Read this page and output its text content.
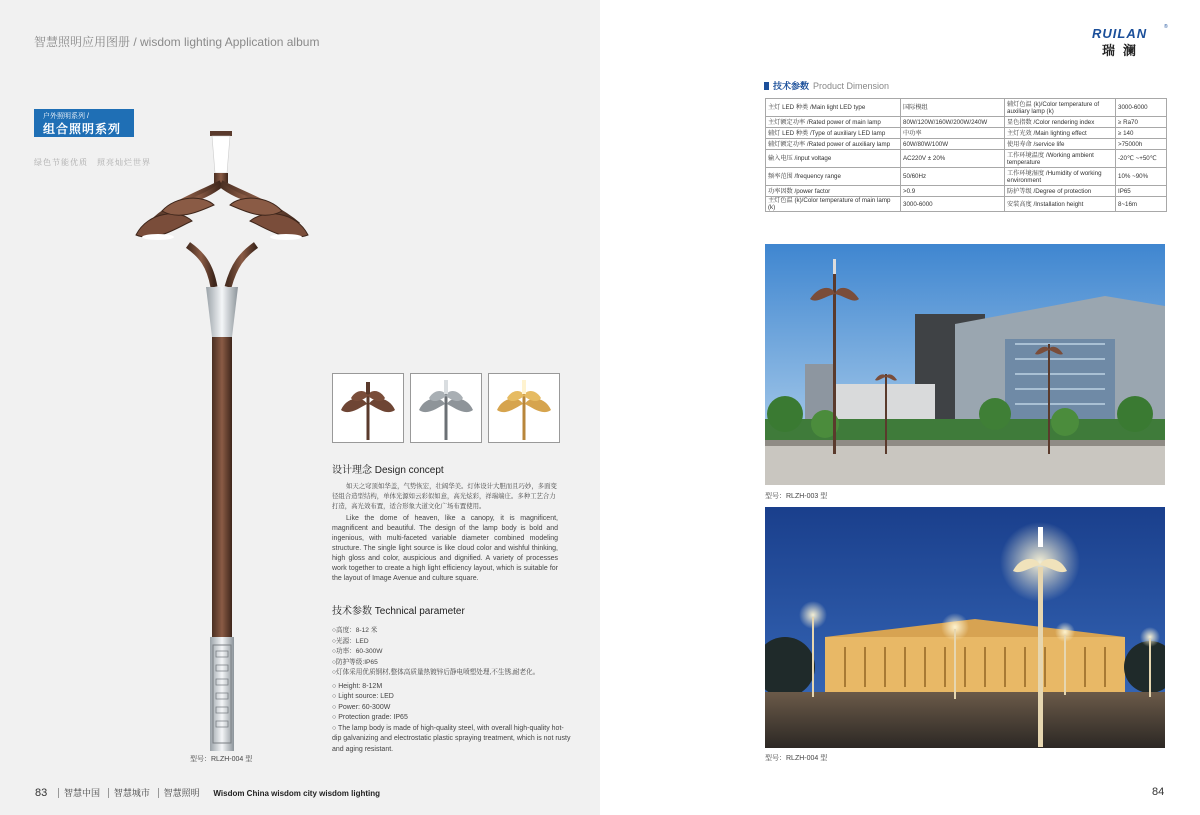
智慧照明应用图册 / wisdom lighting Application album
户外照明系列 /
组合照明系列
绿色节能优质　照亮灿烂世界
型号：RLZH-004 型
设计理念 Design concept

如天之穹顶如华盖，气势恢宏，壮阔华美。灯体设计大胆而且巧妙，多面变径组合造型结构，单体光源如云彩似如意，高光炫彩，祥瑞端庄。多种工艺合力打造，高光效布置，适合形象大道文化广场布置使用。

Like the dome of heaven, like a canopy, it is magnificent, magnificent and beautiful. The design of the lamp body is bold and ingenious, with multi-faceted variable diameter combined modeling structure. The single light source is like cloud color and wishful thinking, high gloss and color, auspicious and dignified. A variety of processes work together to create a high light efficiency layout, which is suitable for the layout of Image Avenue and culture square.

技术参数 Technical parameter
○高度：8-12 米
○光源：LED
○功率：60-300W
○防护等级:IP65
○灯体采用优质钢材,整体高质量热镀锌后静电喷塑处理,不生锈,耐老化。
○ Height: 8-12M
○ Light source: LED
○ Power: 60-300W
○ Protection grade: IP65
○ The lamp body is made of high-quality steel, with overall high-quality hot-dip galvanizing and electrostatic plastic spraying treatment, which is not rusty and aging resistant.
83 智慧中国 智慧城市 智慧照明 Wisdom China wisdom city wisdom lighting
RUILAN	®
瑞澜
技术参数 Product Dimension
主灯 LED 种类 /Main light LED type	国际模组	辅灯色温 (k)/Color temperature of auxiliary lamp (k)	3000-6000
主灯额定功率 /Rated power of main lamp	80W/120W/160W/200W/240W	显色指数 /Color rendering index	≥ Ra70
辅灯 LED 种类 /Type of auxiliary LED lamp	中功率	主灯光效 /Main lighting effect	≥ 140
辅灯额定功率 /Rated power of auxiliary lamp	60W/80W/100W	使用寿命 /service life	>75000h
输入电压 /input voltage	AC220V ± 20%	工作环境温度 /Working ambient temperature	-20℃ ~+50℃
频率范围 /frequency range	50/60Hz	工作环境湿度 /Humidity of working environment	10% ~90%
功率因数 /power factor	>0.9	防护等级 /Degree of protection	IP65
主灯色温 (k)/Color temperature of main lamp (k)	3000-6000	安装高度 /Installation height	8~16m
型号：RLZH-003 型
型号：RLZH-004 型
84
